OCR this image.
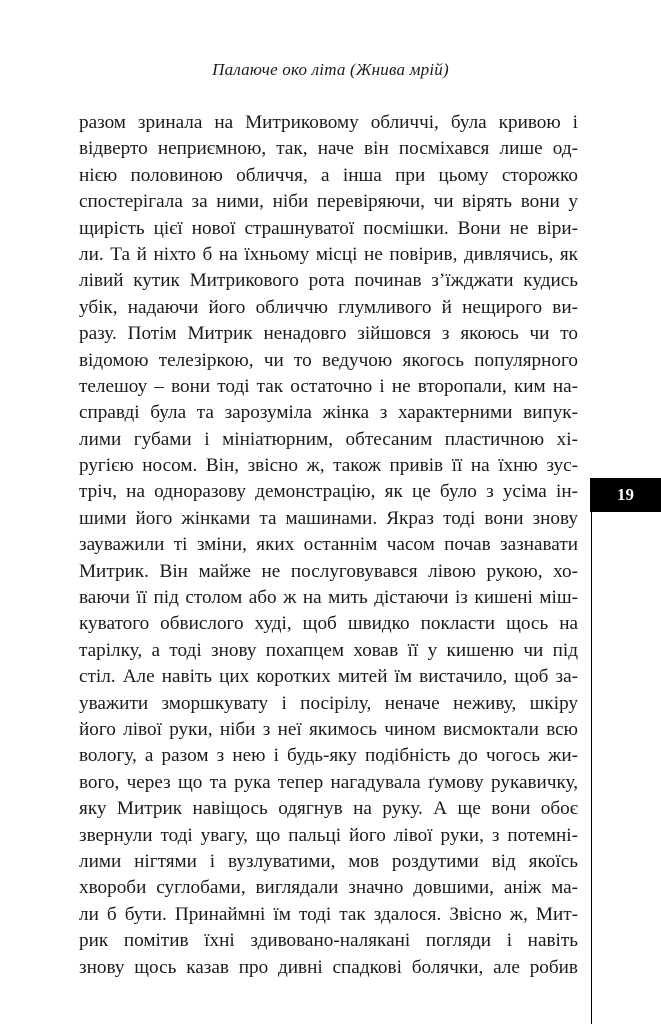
Палаюче око літа (Жнива мрій)
разом зринала на Митриковому обличчі, була кривою і
відверто неприємною, так, наче він посміхався лише од-
нією половиною обличчя, а інша при цьому сторожко
спостерігала за ними, ніби перевіряючи, чи вірять вони у
щирість цієї нової страшнуватої посмішки. Вони не віри-
ли. Та й ніхто б на їхньому місці не повірив, дивлячись, як
лівий кутик Митрикового рота починав з’їжджати кудись
убік, надаючи його обличчю глумливого й нещирого ви-
разу. Потім Митрик ненадовго зійшовся з якоюсь чи то
відомою телезіркою, чи то ведучою якогось популярного
телешоу – вони тоді так остаточно і не второпали, ким на-
справді була та зарозуміла жінка з характерними випук-
лими губами і мініатюрним, обтесаним пластичною хі-
ругією носом. Він, звісно ж, також привів її на їхню зус-
тріч, на одноразову демонстрацію, як це було з усіма ін-
шими його жінками та машинами. Якраз тоді вони знову
зауважили ті зміни, яких останнім часом почав зазнавати
Митрик. Він майже не послуговувався лівою рукою, хо-
ваючи її під столом або ж на мить дістаючи із кишені міш-
куватого обвислого худі, щоб швидко покласти щось на
тарілку, а тоді знову похапцем ховав її у кишеню чи під
стіл. Але навіть цих коротких митей їм вистачило, щоб за-
уважити зморшкувату і посірілу, неначе неживу, шкіру
його лівої руки, ніби з неї якимось чином висмоктали всю
вологу, а разом з нею і будь-яку подібність до чогось жи-
вого, через що та рука тепер нагадувала ґумову рукавичку,
яку Митрик навіщось одягнув на руку. А ще вони обоє
звернули тоді увагу, що пальці його лівої руки, з потемні-
лими нігтями і вузлуватими, мов роздутими від якоїсь
хвороби суглобами, виглядали значно довшими, аніж ма-
ли б бути. Принаймні їм тоді так здалося. Звісно ж, Мит-
рик помітив їхні здивовано-налякані погляди і навіть
знову щось казав про дивні спадкові болячки, але робив
19
